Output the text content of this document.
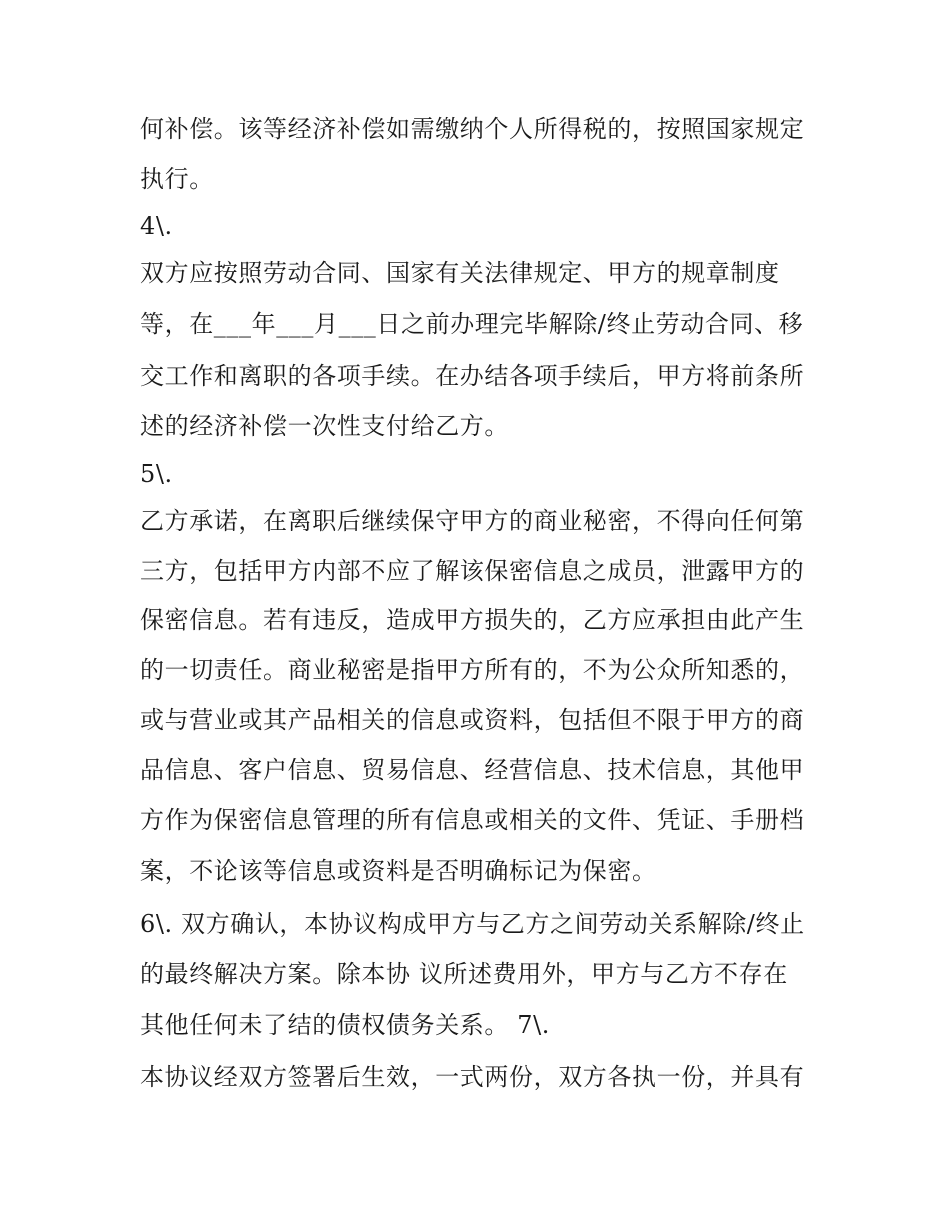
何补偿。该等经济补偿如需缴纳个人所得税的，按照国家规定
执行。
4\.
双方应按照劳动合同、国家有关法律规定、甲方的规章制度
等，在___年___月___日之前办理完毕解除/终止劳动合同、移
交工作和离职的各项手续。在办结各项手续后，甲方将前条所
述的经济补偿一次性支付给乙方。
5\.
乙方承诺，在离职后继续保守甲方的商业秘密，不得向任何第
三方，包括甲方内部不应了解该保密信息之成员，泄露甲方的
保密信息。若有违反，造成甲方损失的，乙方应承担由此产生
的一切责任。商业秘密是指甲方所有的，不为公众所知悉的，
或与营业或其产品相关的信息或资料，包括但不限于甲方的商
品信息、客户信息、贸易信息、经营信息、技术信息，其他甲
方作为保密信息管理的所有信息或相关的文件、凭证、手册档
案，不论该等信息或资料是否明确标记为保密。
6\. 双方确认，本协议构成甲方与乙方之间劳动关系解除/终止
的最终解决方案。除本协 议所述费用外，甲方与乙方不存在
其他任何未了结的债权债务关系。 7\.
本协议经双方签署后生效，一式两份，双方各执一份，并具有
